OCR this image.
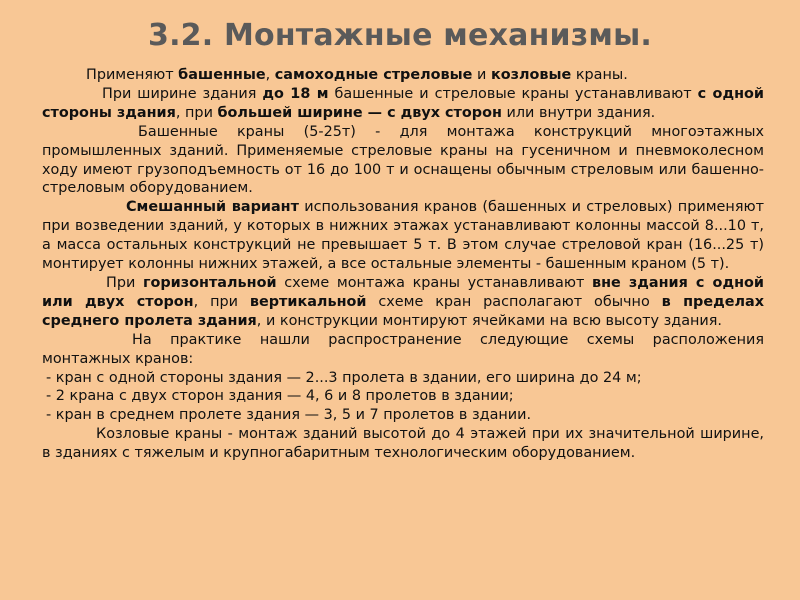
3.2. Монтажные механизмы.

Применяют башенные, самоходные стреловые и козловые краны.

При ширине здания до 18 м башенные и стреловые краны устанавливают с одной стороны здания, при большей ширине — с двух сторон или внутри здания.

Башенные краны (5-25т) - для монтажа конструкций многоэтажных промышленных зданий. Применяемые стреловые краны на гусеничном и пневмоколесном ходу имеют грузоподъемность от 16 до 100 т и оснащены обычным стреловым или башенно-стреловым оборудованием.

Смешанный вариант использования кранов (башенных и стреловых) применяют при возведении зданий, у которых в нижних этажах устанавливают колонны массой 8...10 т, а масса остальных конструкций не превышает 5 т. В этом случае стреловой кран (16...25 т) монтирует колонны нижних этажей, а все остальные элементы - башенным краном (5 т).

При горизонтальной схеме монтажа краны устанавливают вне здания с одной или двух сторон, при вертикальной схеме кран располагают обычно в пределах среднего пролета здания, и конструкции монтируют ячейками на всю высоту здания.

На практике нашли распространение следующие схемы расположения монтажных кранов:

- кран с одной стороны здания — 2...3 пролета в здании, его ширина до 24 м;

- 2 крана с двух сторон здания — 4, 6 и 8 пролетов в здании;

- кран в среднем пролете здания — 3, 5 и 7 пролетов в здании.

Козловые краны - монтаж зданий высотой до 4 этажей при их значительной ширине, в зданиях с тяжелым и крупногабаритным технологическим оборудованием.
